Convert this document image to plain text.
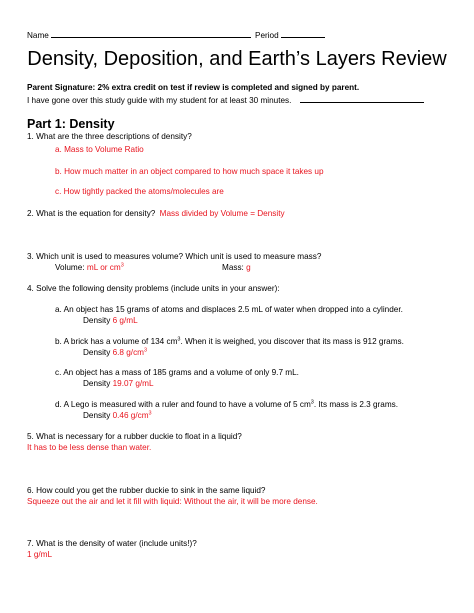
Name	Period
Density, Deposition, and Earth’s Layers Review
Parent Signature: 2% extra credit on test if review is completed and signed by parent.
I have gone over this study guide with my student for at least 30 minutes.
Part 1: Density
1. What are the three descriptions of density?
a. Mass to Volume Ratio
b. How much matter in an object compared to how much space it takes up
c. How tightly packed the atoms/molecules are
2. What is the equation for density? Mass divided by Volume = Density
3. Which unit is used to measures volume? Which unit is used to measure mass?
Volume: mL or $cm^3$	Mass: g
4. Solve the following density problems (include units in your answer):
a. An object has 15 grams of atoms and displaces 2.5 mL of water when dropped into a cylinder.
Density 6 g/mL
b. A brick has a volume of 134 $cm^3$. When it is weighed, you discover that its mass is 912 grams.
Density 6.8 $g/cm^3$
c. An object has a mass of 185 grams and a volume of only 9.7 mL.
Density 19.07 g/mL
d. A Lego is measured with a ruler and found to have a volume of 5 $cm^3$. Its mass is 2.3 grams.
Density 0.46 $g/cm^3$
5. What is necessary for a rubber duckie to float in a liquid?
It has to be less dense than water.
6. How could you get the rubber duckie to sink in the same liquid?
Squeeze out the air and let it fill with liquid: Without the air, it will be more dense.
7. What is the density of water (include units!)?
1 g/mL
